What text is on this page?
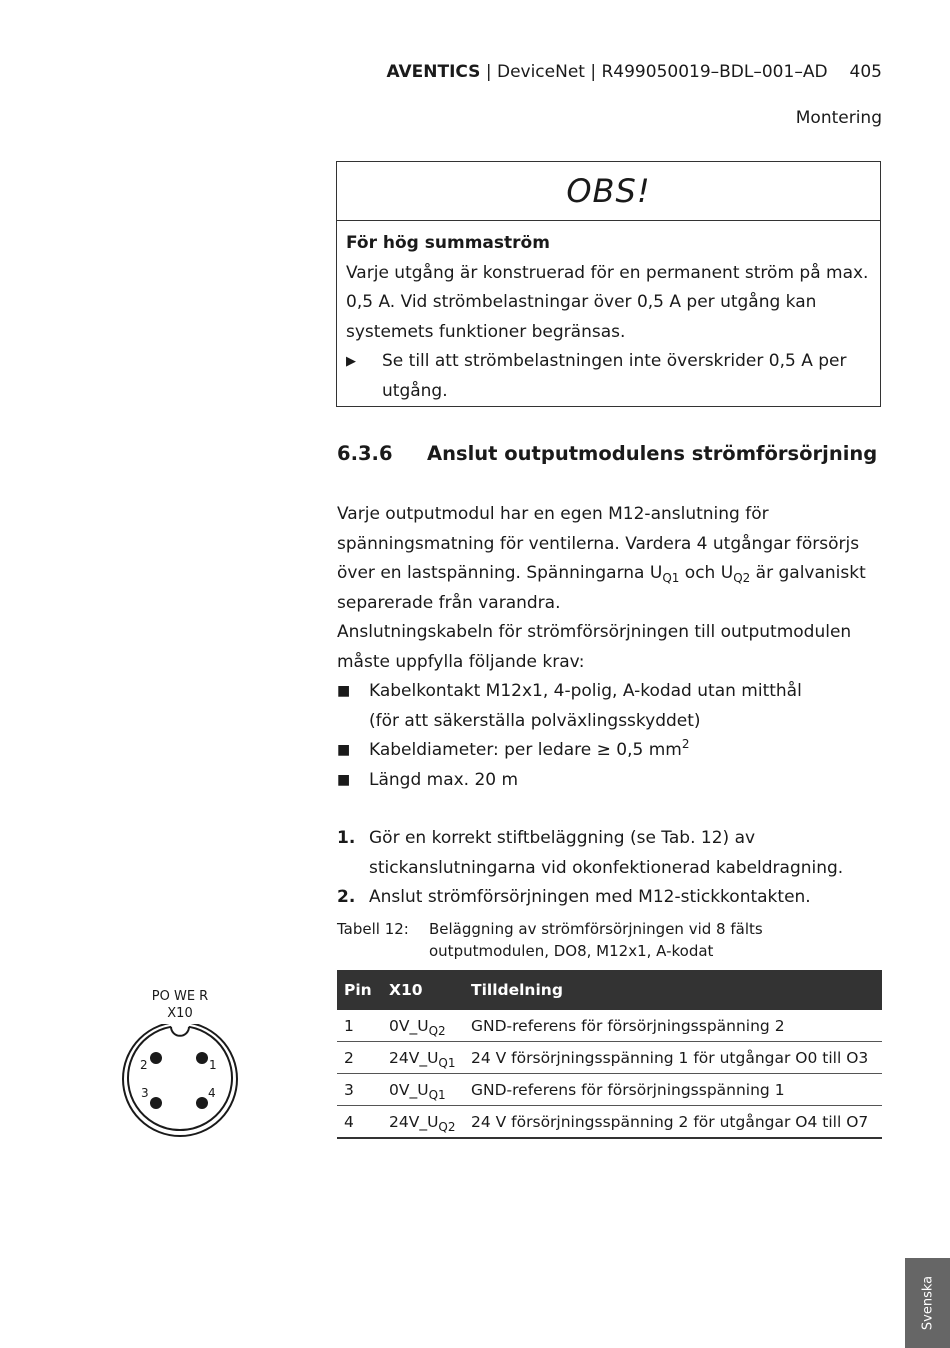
AVENTICS | DeviceNet | R499050019–BDL–001–AD 405
Montering
OBS!
För hög summaström
Varje utgång är konstruerad för en permanent ström på max.
0,5 A. Vid strömbelastningar över 0,5 A per utgång kan
systemets funktioner begränsas.
▶	Se till att strömbelastningen inte överskrider 0,5 A per
utgång.
6.3.6 Anslut outputmodulens strömförsörjning
Varje outputmodul har en egen M12-anslutning för
spänningsmatning för ventilerna. Vardera 4 utgångar försörjs
över en lastspänning. Spänningarna $U_{Q1}$ och $U_{Q2}$ är galvaniskt
separerade från varandra.
Anslutningskabeln för strömförsörjningen till outputmodulen
måste uppfylla följande krav:
■	Kabelkontakt M12x1, 4-polig, A-kodad utan mitthål
(för att säkerställa polväxlingsskyddet)
■	Kabeldiameter: per ledare ≥ 0,5 $mm^2$
■	Längd max. 20 m
1. Gör en korrekt stiftbeläggning (se Tab. 12) av
stickanslutningarna vid okonfektionerad kabeldragning.
2. Anslut strömförsörjningen med M12-stickkontakten.
Tabell 12:	Beläggning av strömförsörjningen vid 8 fälts
outputmodulen, DO8, M12x1, A-kodat
Pin	X10	Tilldelning
1	$0V\_U_{Q2}$	GND-referens för försörjningsspänning 2
2	$24V\_U_{Q1}$	24 V försörjningsspänning 1 för utgångar O0 till O3
3	$0V\_U_{Q1}$	GND-referens för försörjningsspänning 1
4	$24V\_U_{Q2}$	24 V försörjningsspänning 2 för utgångar O4 till O7
PO WE R
X10
1
2
3	4
Svenska
